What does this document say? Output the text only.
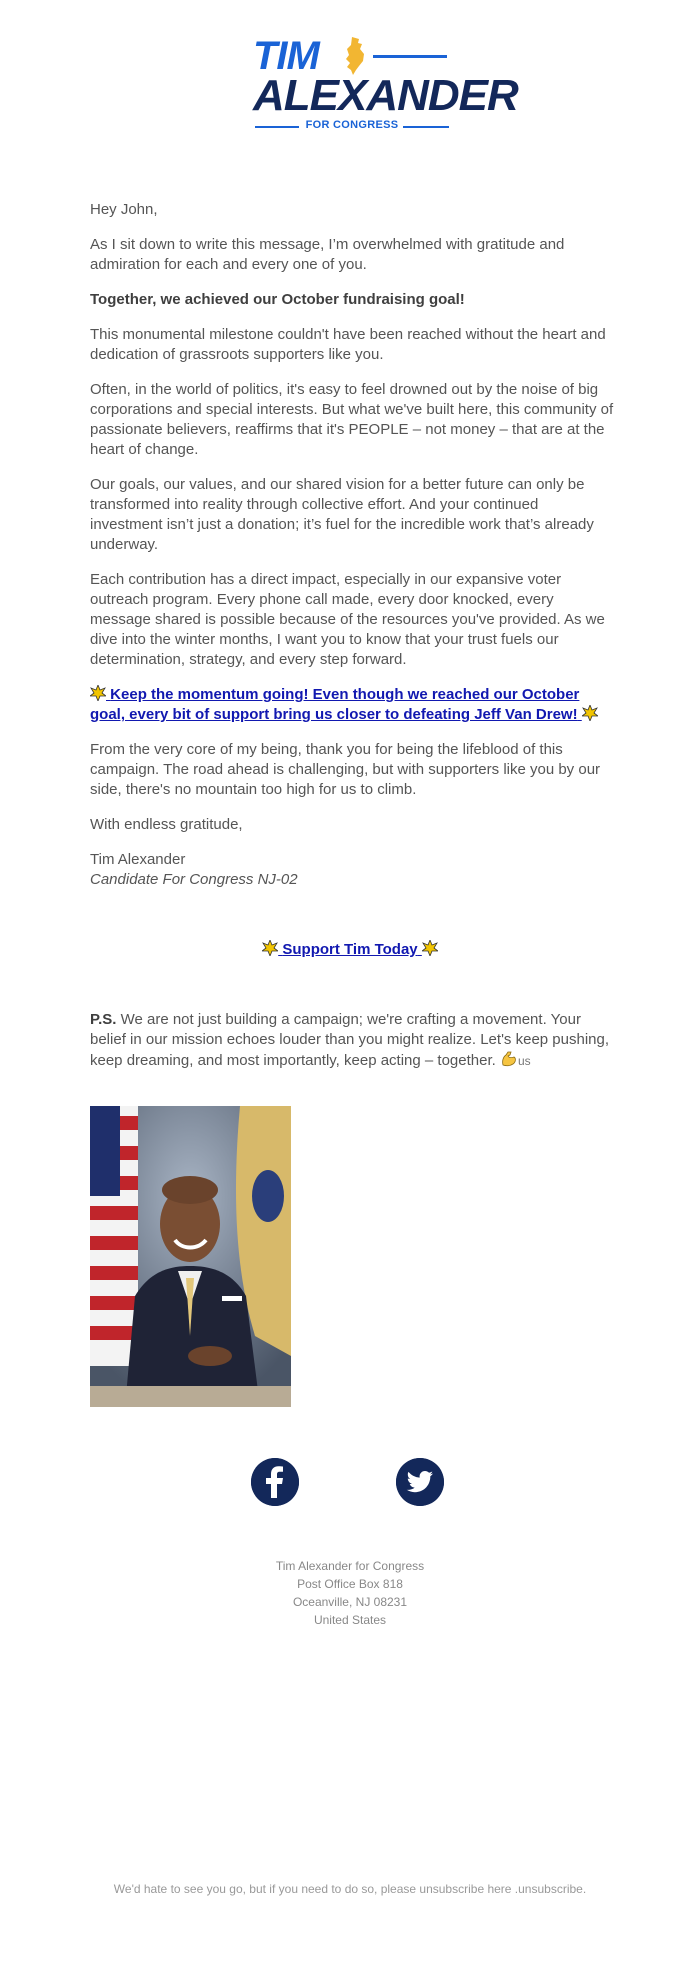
TIM
ALEXANDER
FOR CONGRESS

Hey John,

As I sit down to write this message, I’m overwhelmed with gratitude and admiration for each and every one of you.

Together, we achieved our October fundraising goal!

This monumental milestone couldn't have been reached without the heart and dedication of grassroots supporters like you.

Often, in the world of politics, it's easy to feel drowned out by the noise of big corporations and special interests. But what we've built here, this community of passionate believers, reaffirms that it's PEOPLE – not money – that are at the heart of change.

Our goals, our values, and our shared vision for a better future can only be transformed into reality through collective effort. And your continued investment isn’t just a donation; it’s fuel for the incredible work that’s already underway.

Each contribution has a direct impact, especially in our expansive voter outreach program. Every phone call made, every door knocked, every message shared is possible because of the resources you've provided. As we dive into the winter months, I want you to know that your trust fuels our determination, strategy, and every step forward.

Keep the momentum going! Even though we reached our October goal, every bit of support bring us closer to defeating Jeff Van Drew!

From the very core of my being, thank you for being the lifeblood of this campaign. The road ahead is challenging, but with supporters like you by our side, there's no mountain too high for us to climb.

With endless gratitude,

Tim Alexander
Candidate For Congress NJ-02

Support Tim Today
P.S. We are not just building a campaign; we're crafting a movement. Your belief in our mission echoes louder than you might realize. Let's keep pushing, keep dreaming, and most importantly, keep acting – together. us
Tim Alexander for Congress
Post Office Box 818
Oceanville, NJ 08231
United States
We'd hate to see you go, but if you need to do so, please unsubscribe here .unsubscribe.
